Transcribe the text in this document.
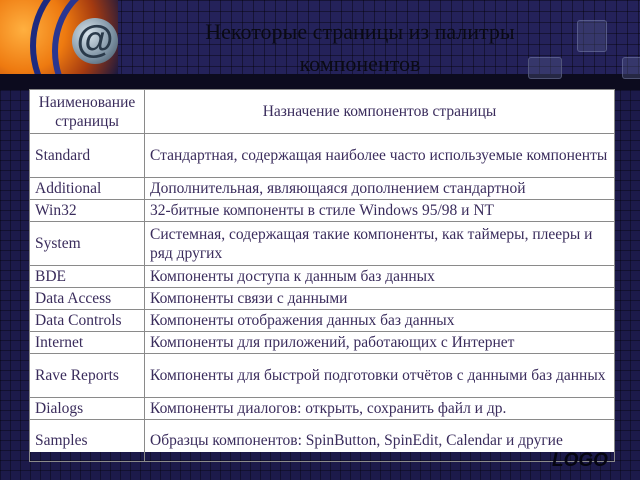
@	Некоторые страницы из палитры
компонентов
Наименование страницы	Назначение компонентов страницы
Standard	Стандартная, содержащая наиболее часто используемые компоненты
Additional	Дополнительная, являющаяся дополнением стандартной
Win32	32-битные компоненты в стиле Windows 95/98 и NT
System	Системная, содержащая такие компоненты, как таймеры, плееры и ряд других
BDE	Компоненты доступа к данным баз данных
Data Access	Компоненты связи с данными
Data Controls	Компоненты отображения данных баз данных
Internet	Компоненты для приложений, работающих с Интернет
Rave Reports	Компоненты для быстрой подготовки отчётов с данными баз данных
Dialogs	Компоненты диалогов: открыть, сохранить файл и др.
Samples	Образцы компонентов: SpinButton, SpinEdit, Calendar и другие
LOGO
